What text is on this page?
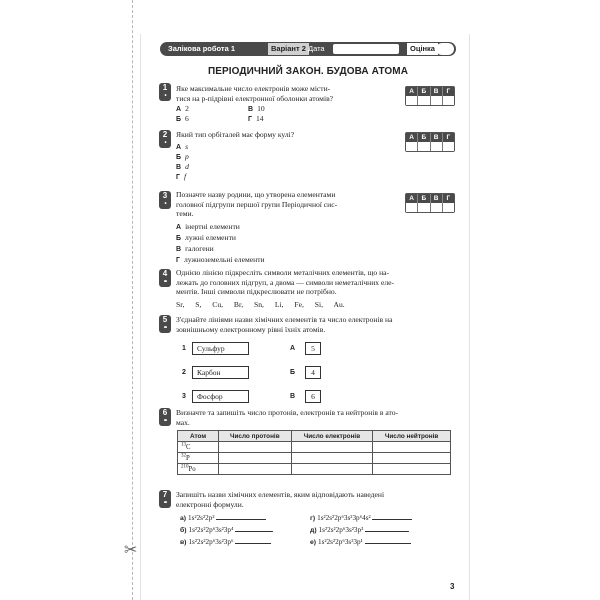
✂
Залікова робота 1	Варіант 2 Дата	Оцінка
ПЕРІОДИЧНИЙ ЗАКОН. БУДОВА АТОМА
1
•
Яке максимальне число електронів може місти-
тися на p-підрівні електронної оболонки атомів?
А 2
Б 6
В 10
Г 14
А	Б	В	Г
2
•
Який тип орбіталей має форму кулі?
А s
Б p
В d
Г f
А	Б	В	Г
3
•
Позначте назву родини, що утворена елементами
головної підгрупи першої групи Періодичної сис-
теми.
А інертні елементи
Б лужні елементи
В галогени
Г лужноземельні елементи
А	Б	В	Г
4
••
Однією лінією підкресліть символи металічних елементів, що на-
лежать до головних підгруп, а двома — символи неметалічних еле-
ментів. Інші символи підкреслювати не потрібно.
Sr, S, Cu, Br, Sn, Li, Fe, Si, Au.
5
••
З'єднайте лініями назви хімічних елементів та число електронів на
зовнішньому електронному рівні їхніх атомів.
1	Сульфур
2	Карбон
3	Фосфор
А	5
Б	4
В	6
6
••
Визначте та запишіть число протонів, електронів та нейтронів в ато-
мах.
Атом	Число протонів	Число електронів	Число нейтронів
$^{13}$C			
$^{32}$P			
$^{210}$Po			
7
••
Запишіть назви хімічних елементів, яким відповідають наведені
електронні формули.
а) 1s²2s²2p²
б) 1s²2s²2p⁶3s²3p⁴
в) 1s²2s²2p⁶3s²3p⁶
г) 1s²2s²2p⁶3s²3p⁶4s²
д) 1s²2s²2p⁶3s²3p³
е) 1s²2s²2p⁶3s²3p¹
3
